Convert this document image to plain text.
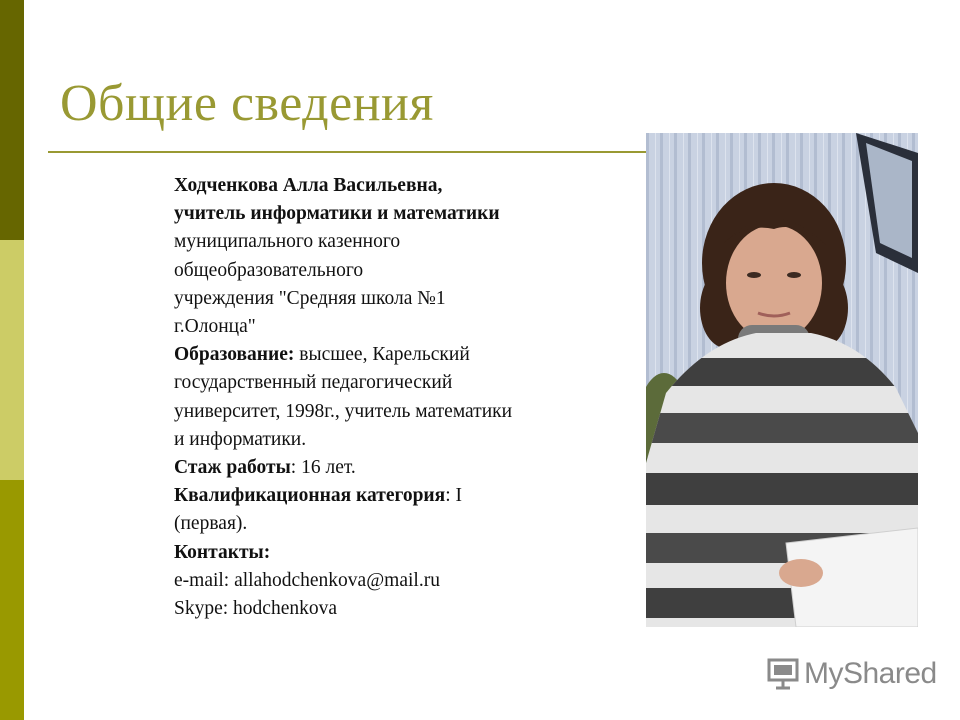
Общие сведения
Ходченкова Алла Васильевна,
учитель информатики и математики
муниципального казенного
общеобразовательного
учреждения "Средняя школа №1
г.Олонца"
Образование: высшее, Карельский
государственный педагогический
университет, 1998г., учитель математики
и информатики.
Стаж работы: 16 лет.
Квалификационная категория: I
(первая).
Контакты:
e-mail: allahodchenkova@mail.ru
Skype: hodchenkova
MyShared
